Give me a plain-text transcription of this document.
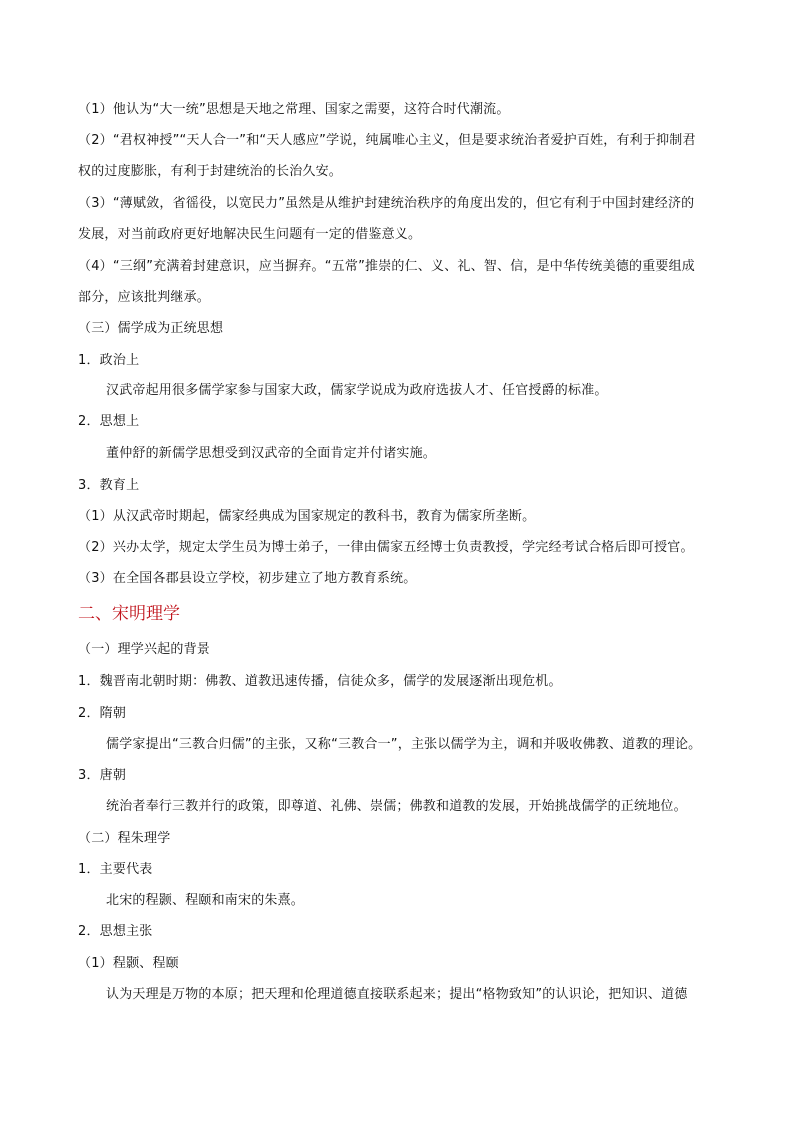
（1）他认为“大一统”思想是天地之常理、国家之需要，这符合时代潮流。
（2）“君权神授”“天人合一”和“天人感应”学说，纯属唯心主义，但是要求统治者爱护百姓，有利于抑制君
权的过度膨胀，有利于封建统治的长治久安。
（3）“薄赋敛，省徭役，以宽民力”虽然是从维护封建统治秩序的角度出发的，但它有利于中国封建经济的
发展，对当前政府更好地解决民生问题有一定的借鉴意义。
（4）“三纲”充满着封建意识，应当摒弃。“五常”推崇的仁、义、礼、智、信，是中华传统美德的重要组成
部分，应该批判继承。
（三）儒学成为正统思想
1．政治上
汉武帝起用很多儒学家参与国家大政，儒家学说成为政府选拔人才、任官授爵的标准。
2．思想上
董仲舒的新儒学思想受到汉武帝的全面肯定并付诸实施。
3．教育上
（1）从汉武帝时期起，儒家经典成为国家规定的教科书，教育为儒家所垄断。
（2）兴办太学，规定太学生员为博士弟子，一律由儒家五经博士负责教授，学完经考试合格后即可授官。
（3）在全国各郡县设立学校，初步建立了地方教育系统。
二、宋明理学
（一）理学兴起的背景
1．魏晋南北朝时期：佛教、道教迅速传播，信徒众多，儒学的发展逐渐出现危机。
2．隋朝
儒学家提出“三教合归儒”的主张，又称“三教合一”，主张以儒学为主，调和并吸收佛教、道教的理论。
3．唐朝
统治者奉行三教并行的政策，即尊道、礼佛、崇儒；佛教和道教的发展，开始挑战儒学的正统地位。
（二）程朱理学
1．主要代表
北宋的程颢、程颐和南宋的朱熹。
2．思想主张
（1）程颢、程颐
认为天理是万物的本原；把天理和伦理道德直接联系起来；提出“格物致知”的认识论，把知识、道德
